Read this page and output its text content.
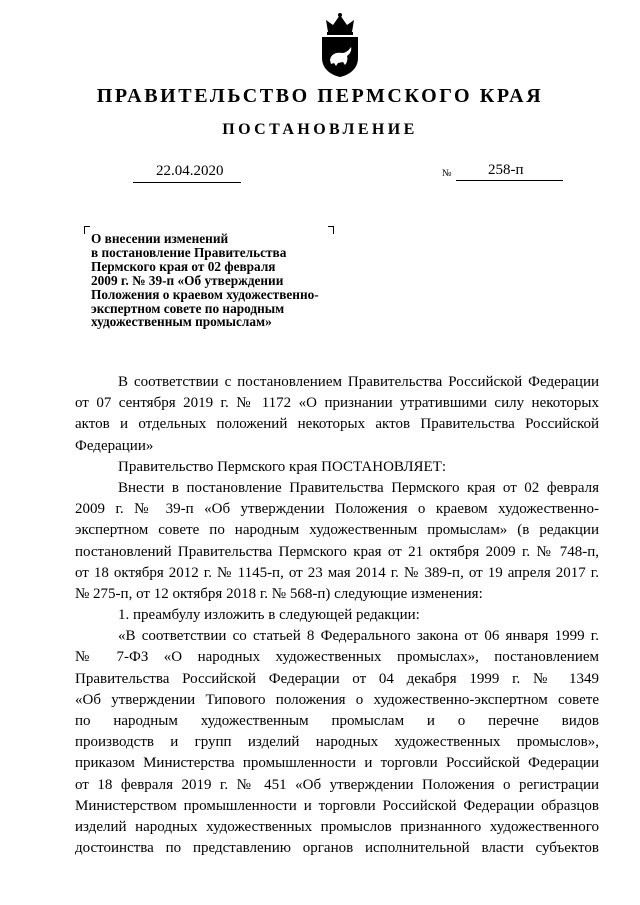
ПРАВИТЕЛЬСТВО ПЕРМСКОГО КРАЯ
ПОСТАНОВЛЕНИЕ
22.04.2020	№ 258-п
О внесении изменений
в постановление Правительства
Пермского края от 02 февраля
2009 г. № 39-п «Об утверждении
Положения о краевом художественно-
экспертном совете по народным
художественным промыслам»
В соответствии с постановлением Правительства Российской Федерации
от 07 сентября 2019 г. № 1172 «О признании утратившими силу некоторых
актов и отдельных положений некоторых актов Правительства Российской
Федерации»
Правительство Пермского края ПОСТАНОВЛЯЕТ:
Внести в постановление Правительства Пермского края от 02 февраля
2009 г. № 39-п «Об утверждении Положения о краевом художественно-
экспертном совете по народным художественным промыслам» (в редакции
постановлений Правительства Пермского края от 21 октября 2009 г. № 748-п,
от 18 октября 2012 г. № 1145-п, от 23 мая 2014 г. № 389-п, от 19 апреля 2017 г.
№ 275-п, от 12 октября 2018 г. № 568-п) следующие изменения:
1. преамбулу изложить в следующей редакции:
«В соответствии со статьей 8 Федерального закона от 06 января 1999 г.
№ 7-ФЗ «О народных художественных промыслах», постановлением
Правительства Российской Федерации от 04 декабря 1999 г. № 1349
«Об утверждении Типового положения о художественно-экспертном совете
по народным художественным промыслам и о перечне видов
производств и групп изделий народных художественных промыслов»,
приказом Министерства промышленности и торговли Российской Федерации
от 18 февраля 2019 г. № 451 «Об утверждении Положения о регистрации
Министерством промышленности и торговли Российской Федерации образцов
изделий народных художественных промыслов признанного художественного
достоинства по представлению органов исполнительной власти субъектов
